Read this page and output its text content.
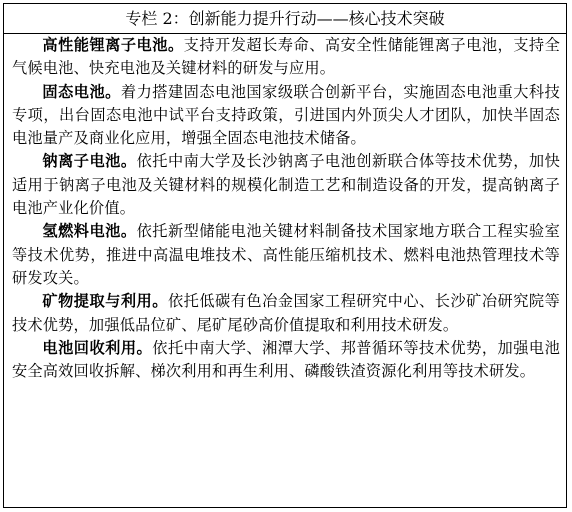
专栏 2：创新能力提升行动——核心技术突破

高性能锂离子电池。支持开发超长寿命、高安全性储能锂离子电池，支持全气候电池、快充电池及关键材料的研发与应用。

固态电池。着力搭建固态电池国家级联合创新平台，实施固态电池重大科技专项，出台固态电池中试平台支持政策，引进国内外顶尖人才团队，加快半固态电池量产及商业化应用，增强全固态电池技术储备。

钠离子电池。依托中南大学及长沙钠离子电池创新联合体等技术优势，加快适用于钠离子电池及关键材料的规模化制造工艺和制造设备的开发，提高钠离子电池产业化价值。

氢燃料电池。依托新型储能电池关键材料制备技术国家地方联合工程实验室等技术优势，推进中高温电堆技术、高性能压缩机技术、燃料电池热管理技术等研发攻关。

矿物提取与利用。依托低碳有色冶金国家工程研究中心、长沙矿冶研究院等技术优势，加强低品位矿、尾矿尾砂高价值提取和利用技术研发。

电池回收利用。依托中南大学、湘潭大学、邦普循环等技术优势，加强电池安全高效回收拆解、梯次利用和再生利用、磷酸铁渣资源化利用等技术研发。
